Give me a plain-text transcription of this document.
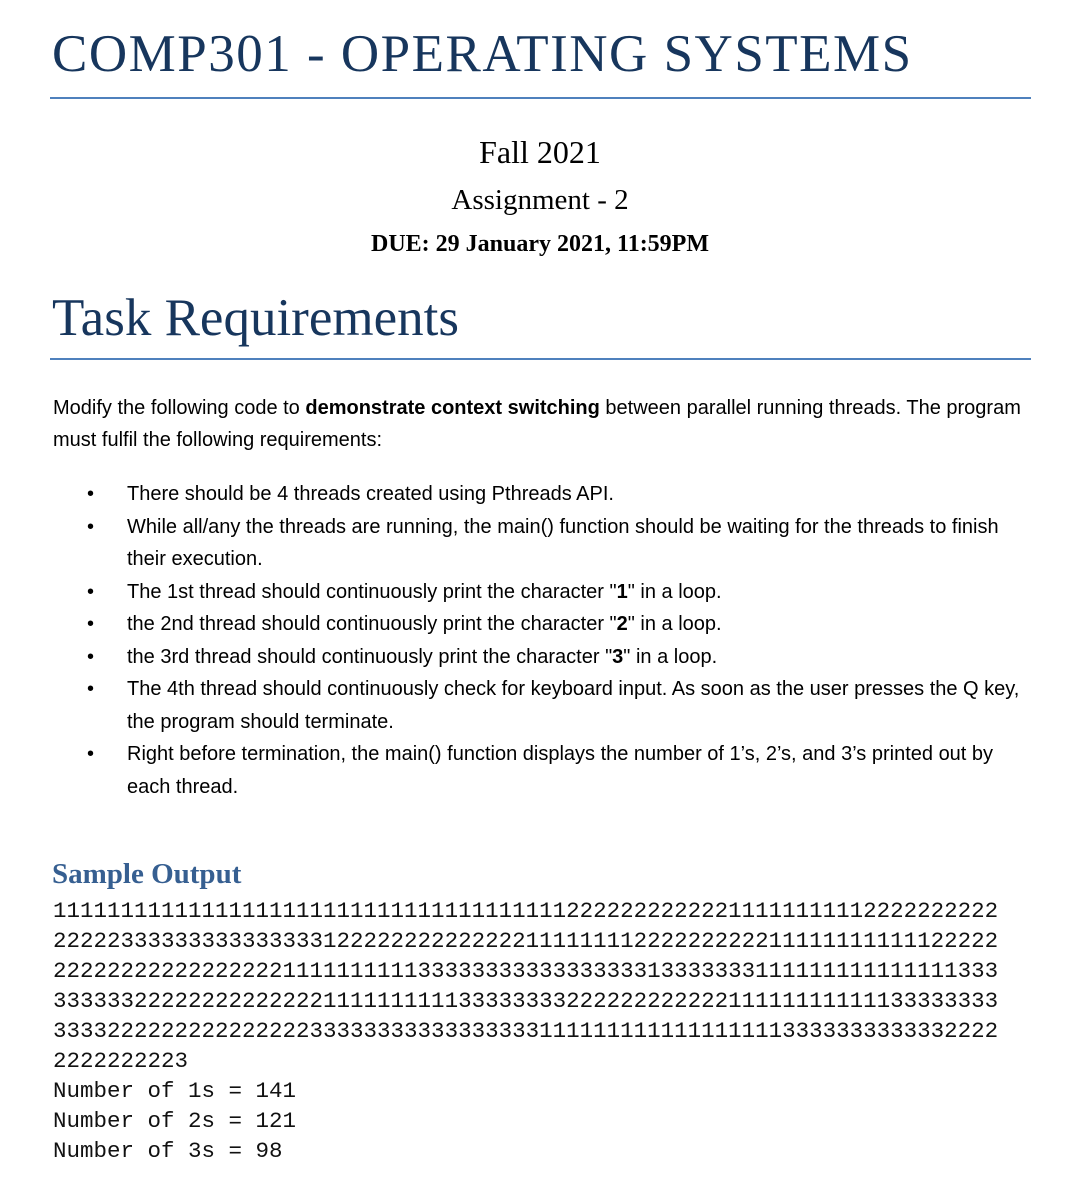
COMP301 - OPERATING SYSTEMS
Fall 2021
Assignment - 2
DUE: 29 January 2021, 11:59PM
Task Requirements

Modify the following code to demonstrate context switching between parallel running threads. The program must fulfil the following requirements:

• There should be 4 threads created using Pthreads API.
• While all/any the threads are running, the main() function should be waiting for the threads to finish their execution.
• The 1st thread should continuously print the character "1" in a loop.
• the 2nd thread should continuously print the character "2" in a loop.
• the 3rd thread should continuously print the character "3" in a loop.
• The 4th thread should continuously check for keyboard input. As soon as the user presses the Q key, the program should terminate.
• Right before termination, the main() function displays the number of 1’s, 2’s, and 3’s printed out by each thread.
Sample Output
1111111111111111111111111111111111111122222222222211111111112222222222
2222233333333333333312222222222222211111111222222222211111111111122222
2222222222222222211111111113333333333333333313333333111111111111111333
3333332222222222222211111111113333333322222222222211111111111133333333
3333222222222222222333333333333333331111111111111111113333333333332222
2222222223
Number of 1s = 141
Number of 2s = 121
Number of 3s = 98
